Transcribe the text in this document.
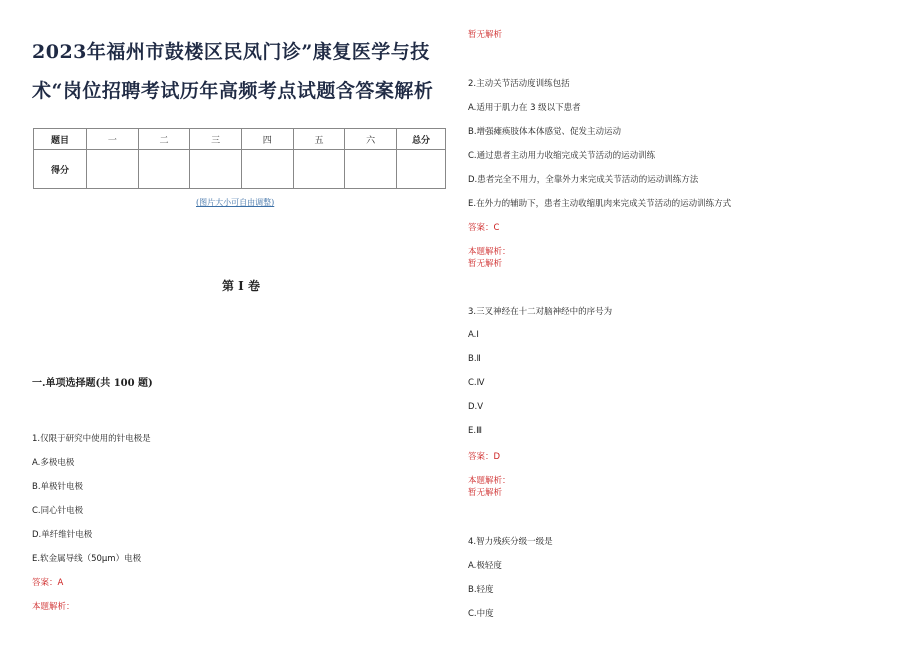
2023年福州市鼓楼区民凤门诊”康复医学与技
术“岗位招聘考试历年高频考点试题含答案解析
题目	一	二	三	四	五	六	总分
得分							
(图片大小可自由调整)
第 I 卷
一.单项选择题(共 100 题)
1.仅限于研究中使用的针电极是
A.多极电极
B.单极针电极
C.同心针电极
D.单纤维针电极
E.软金属导线（50μm）电极
答案：A
本题解析：
暂无解析
2.主动关节活动度训练包括
A.适用于肌力在 3 级以下患者
B.增强瘫痪肢体本体感觉、促发主动运动
C.通过患者主动用力收缩完成关节活动的运动训练
D.患者完全不用力，全靠外力来完成关节活动的运动训练方法
E.在外力的辅助下，患者主动收缩肌肉来完成关节活动的运动训练方式
答案：C
本题解析：
暂无解析
3.三叉神经在十二对脑神经中的序号为
A.Ⅰ
B.Ⅱ
C.Ⅳ
D.Ⅴ
E.Ⅲ
答案：D
本题解析：
暂无解析
4.智力残疾分级一级是
A.极轻度
B.轻度
C.中度
